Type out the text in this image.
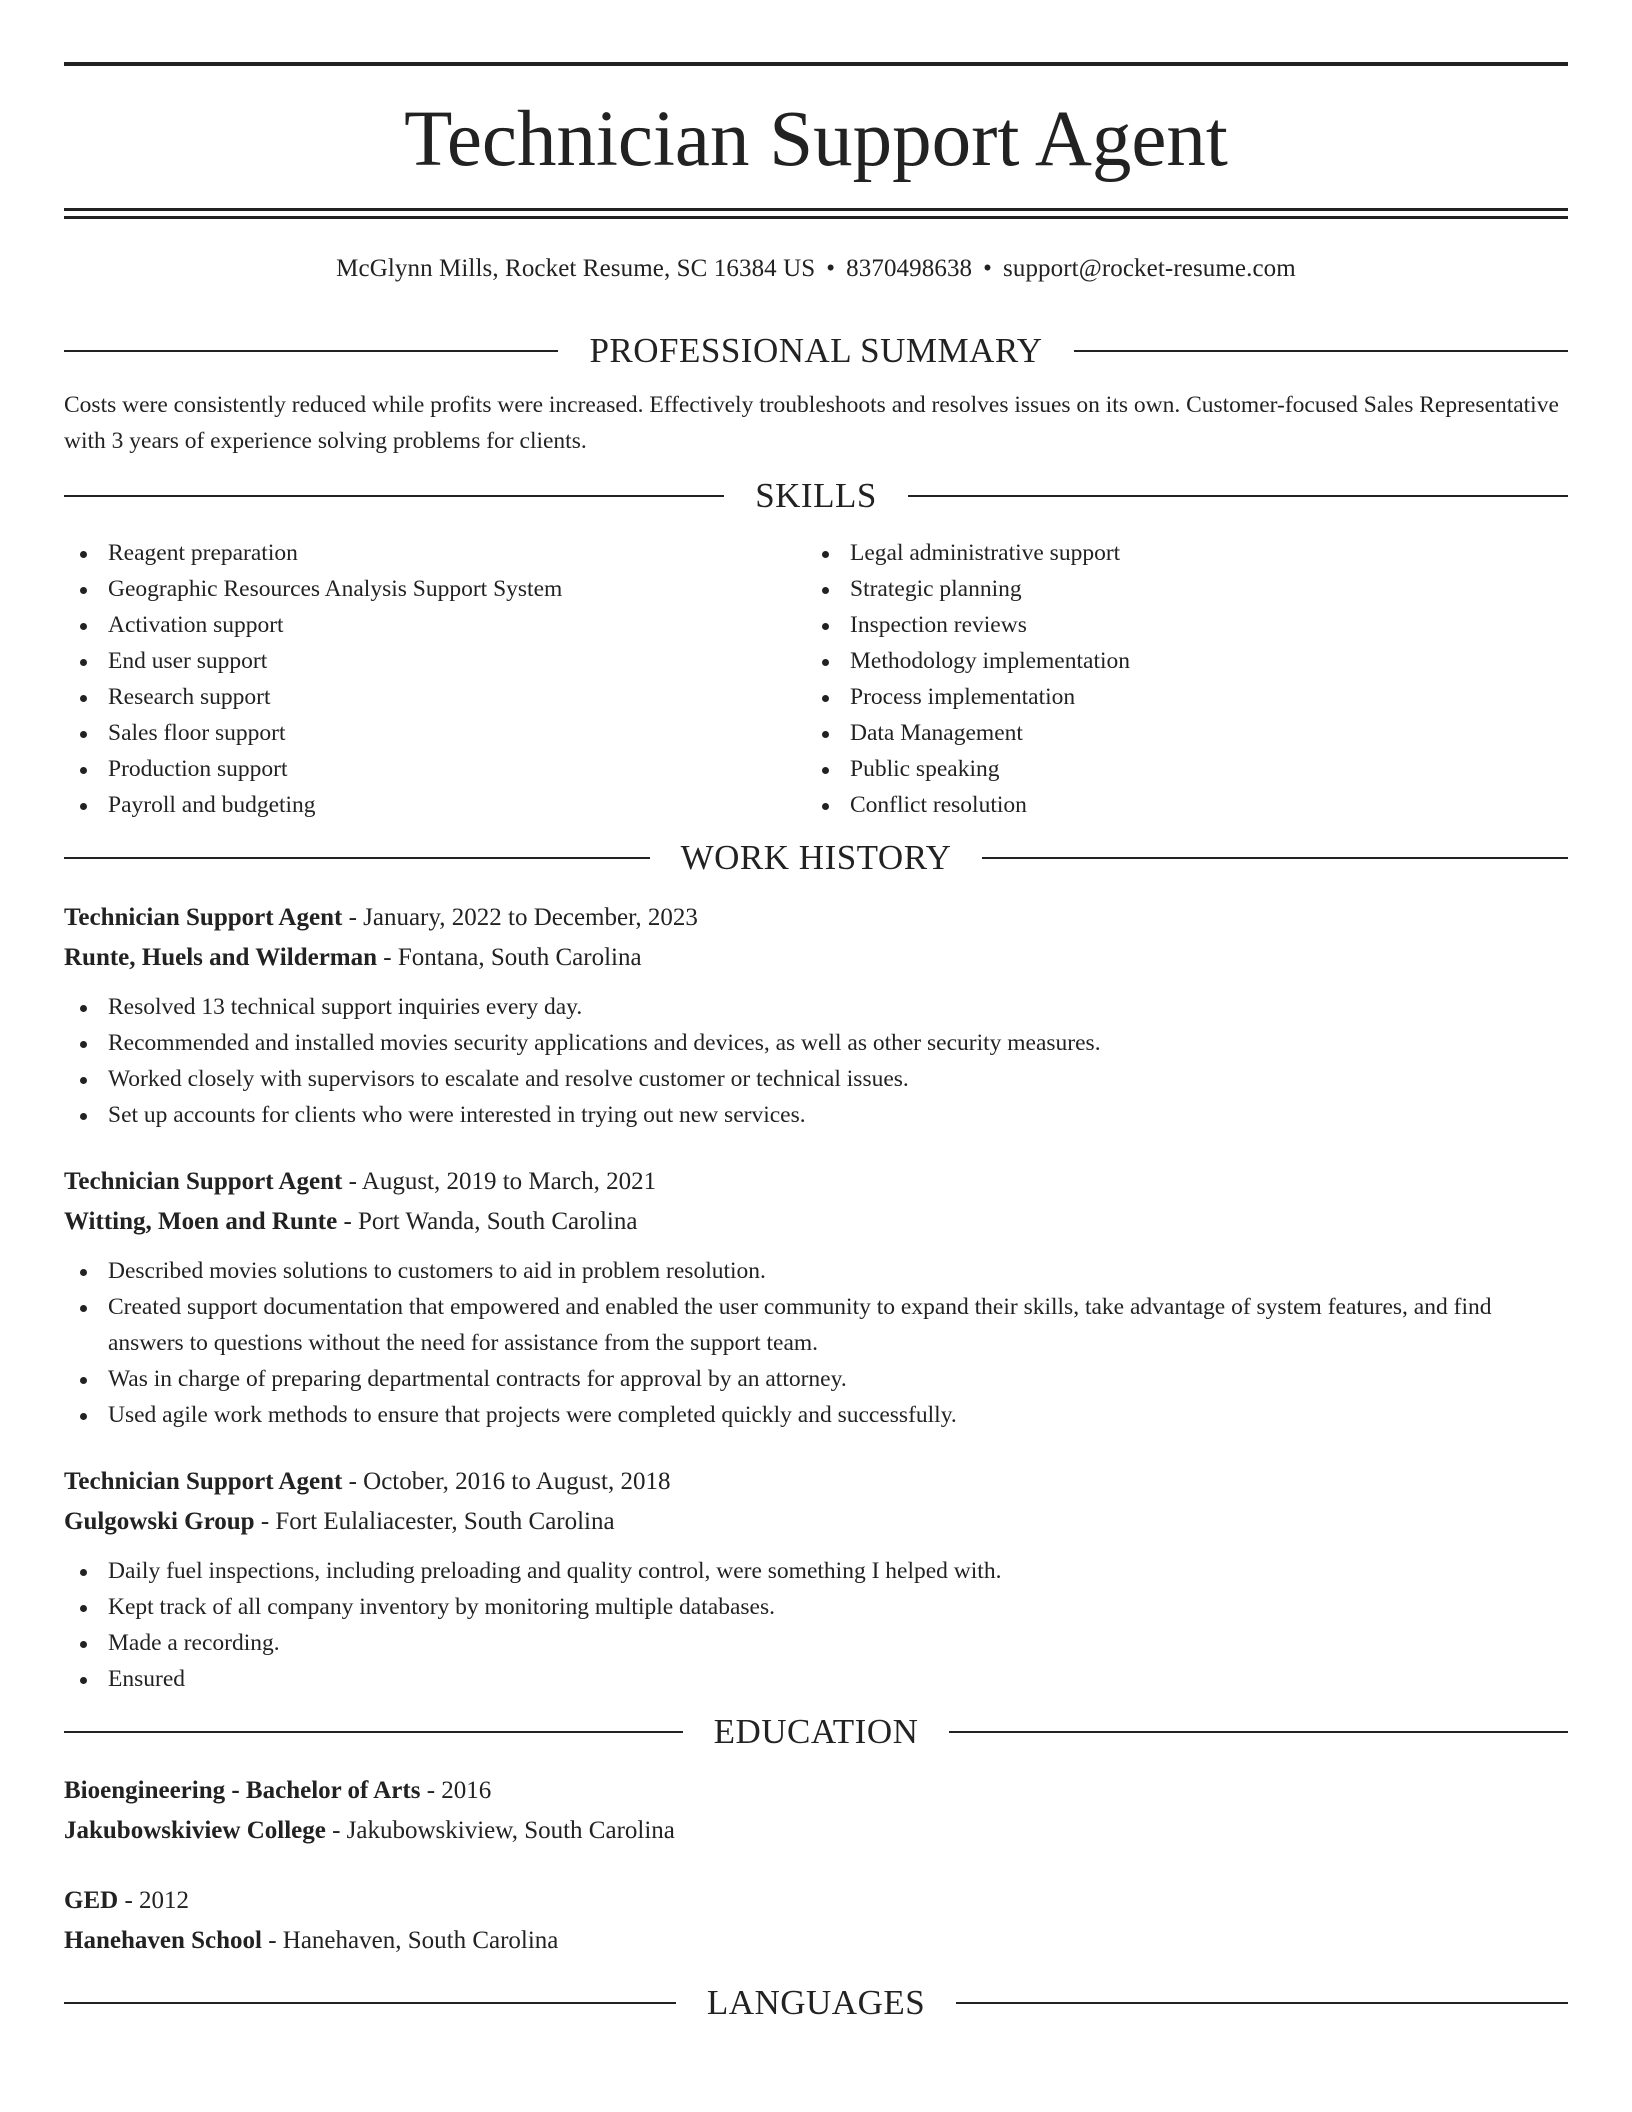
Technician Support Agent
McGlynn Mills, Rocket Resume, SC 16384 US • 8370498638 • support@rocket-resume.com
PROFESSIONAL SUMMARY

Costs were consistently reduced while profits were increased. Effectively troubleshoots and resolves issues on its own. Customer-focused Sales Representative with 3 years of experience solving problems for clients.

SKILLS
Reagent preparation
Geographic Resources Analysis Support System
Activation support
End user support
Research support
Sales floor support
Production support
Payroll and budgeting
Legal administrative support
Strategic planning
Inspection reviews
Methodology implementation
Process implementation
Data Management
Public speaking
Conflict resolution
WORK HISTORY
Technician Support Agent - January, 2022 to December, 2023
Runte, Huels and Wilderman - Fontana, South Carolina
Resolved 13 technical support inquiries every day.
Recommended and installed movies security applications and devices, as well as other security measures.
Worked closely with supervisors to escalate and resolve customer or technical issues.
Set up accounts for clients who were interested in trying out new services.
Technician Support Agent - August, 2019 to March, 2021
Witting, Moen and Runte - Port Wanda, South Carolina
Described movies solutions to customers to aid in problem resolution.
Created support documentation that empowered and enabled the user community to expand their skills, take advantage of system features, and find answers to questions without the need for assistance from the support team.
Was in charge of preparing departmental contracts for approval by an attorney.
Used agile work methods to ensure that projects were completed quickly and successfully.
Technician Support Agent - October, 2016 to August, 2018
Gulgowski Group - Fort Eulaliacester, South Carolina
Daily fuel inspections, including preloading and quality control, were something I helped with.
Kept track of all company inventory by monitoring multiple databases.
Made a recording.
Ensured
EDUCATION
Bioengineering - Bachelor of Arts - 2016
Jakubowskiview College - Jakubowskiview, South Carolina
GED - 2012
Hanehaven School - Hanehaven, South Carolina
LANGUAGES
